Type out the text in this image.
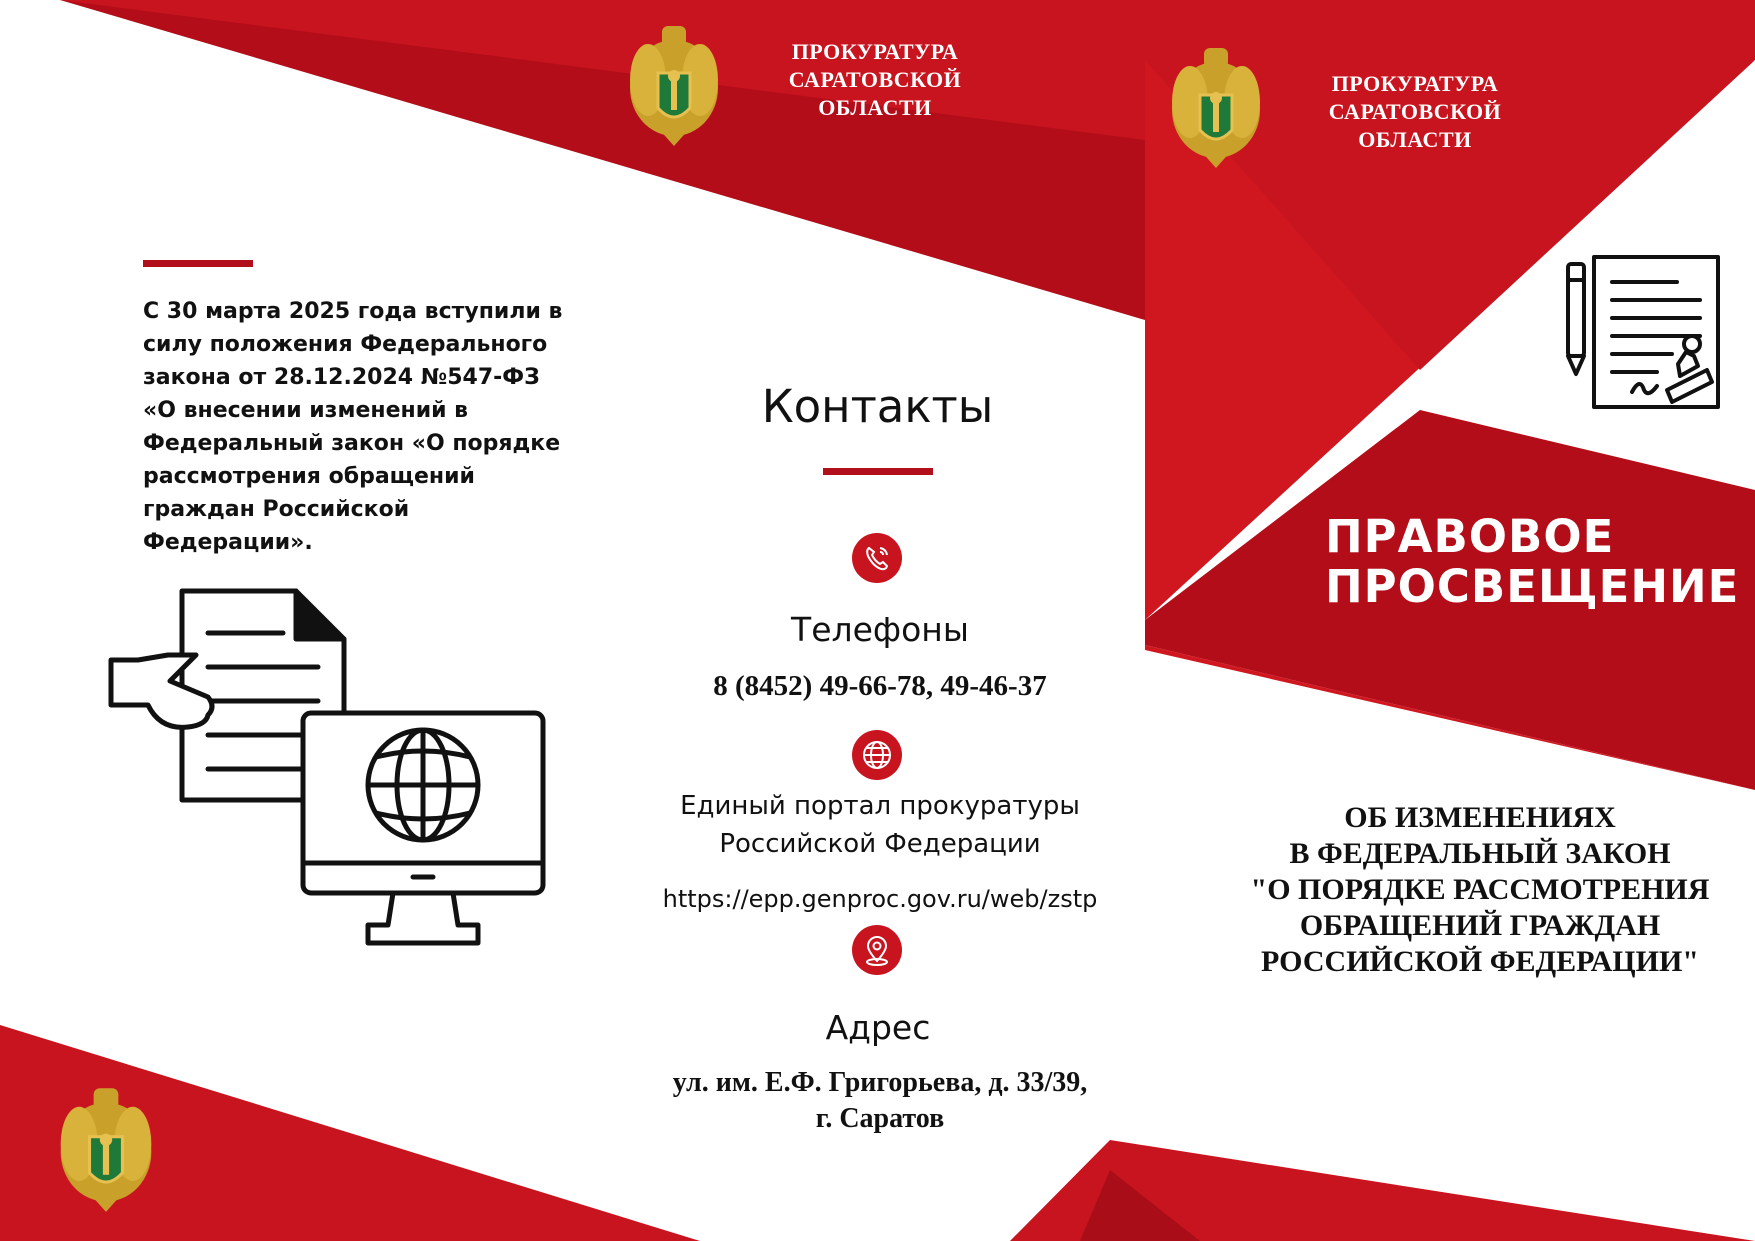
ПРОКУРАТУРА
САРАТОВСКОЙ
ОБЛАСТИ
ПРОКУРАТУРА
САРАТОВСКОЙ
ОБЛАСТИ
С 30 марта 2025 года вступили в силу положения Федерального закона от 28.12.2024 №547-ФЗ «О внесении изменений в Федеральный закон «О порядке рассмотрения обращений граждан Российской Федерации».
Контакты
Телефоны
8 (8452) 49-66-78, 49-46-37
Единый портал прокуратуры
Российской Федерации
https://epp.genproc.gov.ru/web/zstp
Адрес
ул. им. Е.Ф. Григорьева, д. 33/39,
г. Саратов
ПРАВОВОЕ
ПРОСВЕЩЕНИЕ
ОБ ИЗМЕНЕНИЯХ
В ФЕДЕРАЛЬНЫЙ ЗАКОН
"О ПОРЯДКЕ РАССМОТРЕНИЯ
ОБРАЩЕНИЙ ГРАЖДАН
РОССИЙСКОЙ ФЕДЕРАЦИИ"
